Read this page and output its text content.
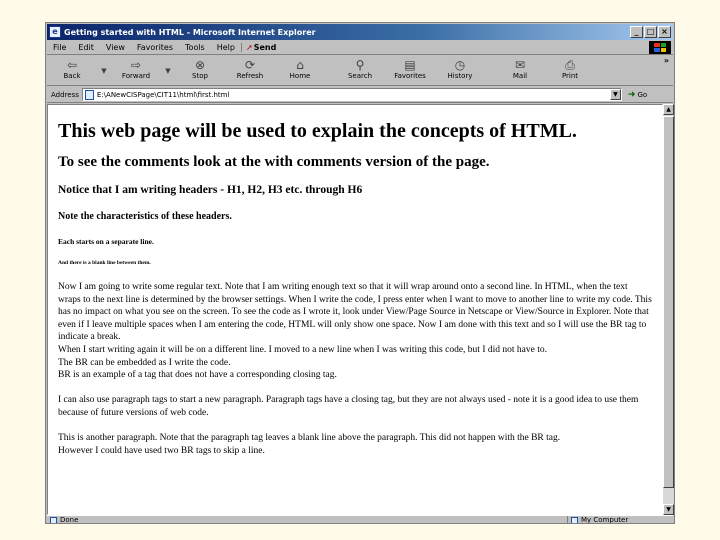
e Getting started with HTML - Microsoft Internet Explorer	_	□ ×
File	Edit	View	Favorites	Tools	Help	➚ Send
⇦
Back
▼ ⇨
Forward
▼ ⊗
Stop
⟳
Refresh
⌂
Home
⚲
Search
▤
Favorites
◷
History
✉
Mail
⎙
Print
»
Address	E:\ANewCISPage\CIT11\html\first.html	▼	➜ Go
This web page will be used to explain the concepts of HTML.
To see the comments look at the with comments version of the page.
Notice that I am writing headers - H1, H2, H3 etc. through H6
Note the characteristics of these headers.
Each starts on a separate line.
And there is a blank line between them.

Now I am going to write some regular text. Note that I am writing enough text so that it will wrap around onto a second line. In HTML, when the text wraps to the next line is determined by the browser settings. When I write the code, I press enter when I want to move to another line to write my code. This has no impact on what you see on the screen. To see the code as I wrote it, look under View/Page Source in Netscape or View/Source in Explorer. Note that even if I leave multiple spaces when I am entering the code, HTML will only show one space. Now I am done with this text and so I will use the BR tag to indicate a break.
When I start writing again it will be on a different line. I moved to a new line when I was writing this code, but I did not have to.
The BR can be embedded as I write the code.
BR is an example of a tag that does not have a corresponding closing tag.

I can also use paragraph tags to start a new paragraph. Paragraph tags have a closing tag, but they are not always used - note it is a good idea to use them because of future versions of web code.

This is another paragraph. Note that the paragraph tag leaves a blank line above the paragraph. This did not happen with the BR tag.
However I could have used two BR tags to skip a line.

▲
▼
Done	My Computer
